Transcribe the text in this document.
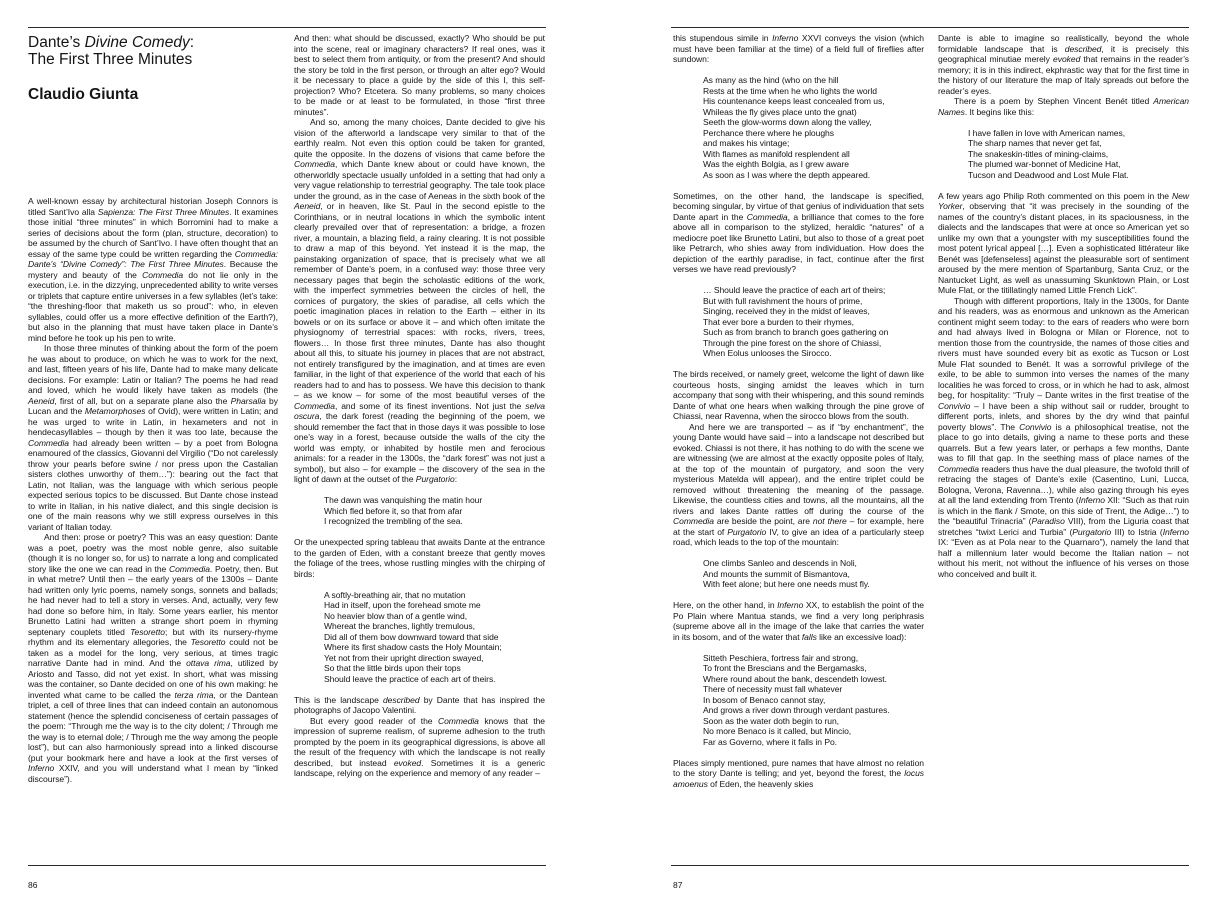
Dante’s Divine Comedy:
The First Three Minutes
Claudio Giunta

A well-known essay by architectural historian Joseph Connors is titled Sant’Ivo alla Sapienza: The First Three Minutes. It examines those initial “three minutes” in which Borromini had to make a series of decisions about the form (plan, structure, decoration) to be assumed by the church of Sant’Ivo. I have often thought that an essay of the same type could be written regarding the Commedia: Dante’s “Divine Comedy”: The First Three Minutes. Because the mystery and beauty of the Commedia do not lie only in the execution, i.e. in the dizzying, unprecedented ability to write verses or triplets that capture entire universes in a few syllables (let’s take: “the threshing-floor that maketh us so proud”: who, in eleven syllables, could offer us a more effective definition of the Earth?), but also in the planning that must have taken place in Dante’s mind before he took up his pen to write.

In those three minutes of thinking about the form of the poem he was about to produce, on which he was to work for the next, and last, fifteen years of his life, Dante had to make many delicate decisions. For example: Latin or Italian? The poems he had read and loved, which he would likely have taken as models (the Aeneid, first of all, but on a separate plane also the Pharsalia by Lucan and the Metamorphoses of Ovid), were written in Latin; and he was urged to write in Latin, in hexameters and not in hendecasyllables – though by then it was too late, because the Commedia had already been written – by a poet from Bologna enamoured of the classics, Giovanni del Virgilio (“Do not carelessly throw your pearls before swine / nor press upon the Castalian sisters clothes unworthy of them…”): bearing out the fact that Latin, not Italian, was the language with which serious people expected serious topics to be discussed. But Dante chose instead to write in Italian, in his native dialect, and this single decision is one of the main reasons why we still express ourselves in this variant of Italian today.

And then: prose or poetry? This was an easy question: Dante was a poet, poetry was the most noble genre, also suitable (though it is no longer so, for us) to narrate a long and complicated story like the one we can read in the Commedia. Poetry, then. But in what metre? Until then – the early years of the 1300s – Dante had written only lyric poems, namely songs, sonnets and ballads; he had never had to tell a story in verses. And, actually, very few had done so before him, in Italy. Some years earlier, his mentor Brunetto Latini had written a strange short poem in rhyming septenary couplets titled Tesoretto; but with its nursery-rhyme rhythm and its elementary allegories, the Tesoretto could not be taken as a model for the long, very serious, at times tragic narrative Dante had in mind. And the ottava rima, utilized by Ariosto and Tasso, did not yet exist. In short, what was missing was the container, so Dante decided on one of his own making: he invented what came to be called the terza rima, or the Dantean triplet, a cell of three lines that can indeed contain an autonomous statement (hence the splendid conciseness of certain passages of the poem: “Through me the way is to the city dolent; / Through me the way is to eternal dole; / Through me the way among the people lost”), but can also harmoniously spread into a linked discourse (put your bookmark here and have a look at the first verses of Inferno XXIV, and you will understand what I mean by “linked discourse”).

And then: what should be discussed, exactly? Who should be put into the scene, real or imaginary characters? If real ones, was it best to select them from antiquity, or from the present? And should the story be told in the first person, or through an alter ego? Would it be necessary to place a guide by the side of this I, this self-projection? Who? Etcetera. So many problems, so many choices to be made or at least to be formulated, in those “first three minutes”.

And so, among the many choices, Dante decided to give his vision of the afterworld a landscape very similar to that of the earthly realm. Not even this option could be taken for granted, quite the opposite. In the dozens of visions that came before the Commedia, which Dante knew about or could have known, the otherworldly spectacle usually unfolded in a setting that had only a very vague relationship to terrestrial geography. The tale took place under the ground, as in the case of Aeneas in the sixth book of the Aeneid, or in heaven, like St. Paul in the second epistle to the Corinthians, or in neutral locations in which the symbolic intent clearly prevailed over that of representation: a bridge, a frozen river, a mountain, a blazing field, a rainy clearing. It is not possible to draw a map of this beyond. Yet instead it is the map, the painstaking organization of space, that is precisely what we all remember of Dante’s poem, in a confused way: those three very necessary pages that begin the scholastic editions of the work, with the imperfect symmetries between the circles of hell, the cornices of purgatory, the skies of paradise, all cells which the poetic imagination places in relation to the Earth – either in its bowels or on its surface or above it – and which often imitate the physiognomy of terrestrial spaces: with rocks, rivers, trees, flowers… In those first three minutes, Dante has also thought about all this, to situate his journey in places that are not abstract, not entirely transfigured by the imagination, and at times are even familiar, in the light of that experience of the world that each of his readers had to and has to possess. We have this decision to thank – as we know – for some of the most beautiful verses of the Commedia, and some of its finest inventions. Not just the selva oscura, the dark forest (reading the beginning of the poem, we should remember the fact that in those days it was possible to lose one’s way in a forest, because outside the walls of the city the world was empty, or inhabited by hostile men and ferocious animals: for a reader in the 1300s, the “dark forest” was not just a symbol), but also – for example – the discovery of the sea in the light of dawn at the outset of the Purgatorio:

The dawn was vanquishing the matin hour
Which fled before it, so that from afar
I recognized the trembling of the sea.

Or the unexpected spring tableau that awaits Dante at the entrance to the garden of Eden, with a constant breeze that gently moves the foliage of the trees, whose rustling mingles with the chirping of birds:

A softly-breathing air, that no mutation
Had in itself, upon the forehead smote me
No heavier blow than of a gentle wind,
Whereat the branches, lightly tremulous,
Did all of them bow downward toward that side
Where its first shadow casts the Holy Mountain;
Yet not from their upright direction swayed,
So that the little birds upon their tops
Should leave the practice of each art of theirs.

This is the landscape described by Dante that has inspired the photographs of Jacopo Valentini.

But every good reader of the Commedia knows that the impression of supreme realism, of supreme adhesion to the truth prompted by the poem in its geographical digressions, is above all the result of the frequency with which the landscape is not really described, but instead evoked. Sometimes it is a generic landscape, relying on the experience and memory of any reader –

this stupendous simile in Inferno XXVI conveys the vision (which must have been familiar at the time) of a field full of fireflies after sundown:

As many as the hind (who on the hill
Rests at the time when he who lights the world
His countenance keeps least concealed from us,
Whileas the fly gives place unto the gnat)
Seeth the glow-worms down along the valley,
Perchance there where he ploughs
and makes his vintage;
With flames as manifold resplendent all
Was the eighth Bolgia, as I grew aware
As soon as I was where the depth appeared.

Sometimes, on the other hand, the landscape is specified, becoming singular, by virtue of that genius of individuation that sets Dante apart in the Commedia, a brilliance that comes to the fore above all in comparison to the stylized, heraldic “natures” of a mediocre poet like Brunetto Latini, but also to those of a great poet like Petrarch, who shies away from individuation. How does the depiction of the earthly paradise, in fact, continue after the first verses we have read previously?

… Should leave the practice of each art of theirs;
But with full ravishment the hours of prime,
Singing, received they in the midst of leaves,
That ever bore a burden to their rhymes,
Such as from branch to branch goes gathering on
Through the pine forest on the shore of Chiassi,
When Eolus unlooses the Sirocco.

The birds received, or namely greet, welcome the light of dawn like courteous hosts, singing amidst the leaves which in turn accompany that song with their whispering, and this sound reminds Dante of what one hears when walking through the pine grove of Chiassi, near Ravenna, when the sirocco blows from the south.

And here we are transported – as if “by enchantment”, the young Dante would have said – into a landscape not described but evoked. Chiassi is not there, it has nothing to do with the scene we are witnessing (we are almost at the exactly opposite poles of Italy, at the top of the mountain of purgatory, and soon the very mysterious Matelda will appear), and the entire triplet could be removed without threatening the meaning of the passage. Likewise, the countless cities and towns, all the mountains, all the rivers and lakes Dante rattles off during the course of the Commedia are beside the point, are not there – for example, here at the start of Purgatorio IV, to give an idea of a particularly steep road, which leads to the top of the mountain:

One climbs Sanleo and descends in Noli,
And mounts the summit of Bismantova,
With feet alone; but here one needs must fly.

Here, on the other hand, in Inferno XX, to establish the point of the Po Plain where Mantua stands, we find a very long periphrasis (supreme above all in the image of the lake that carries the water in its bosom, and of the water that falls like an excessive load):

Sitteth Peschiera, fortress fair and strong,
To front the Brescians and the Bergamasks,
Where round about the bank, descendeth lowest.
There of necessity must fall whatever
In bosom of Benaco cannot stay,
And grows a river down through verdant pastures.
Soon as the water doth begin to run,
No more Benaco is it called, but Mincio,
Far as Governo, where it falls in Po.

Places simply mentioned, pure names that have almost no relation to the story Dante is telling; and yet, beyond the forest, the locus amoenus of Eden, the heavenly skies

Dante is able to imagine so realistically, beyond the whole formidable landscape that is described, it is precisely this geographical minutiae merely evoked that remains in the reader’s memory; it is in this indirect, ekphrastic way that for the first time in the history of our literature the map of Italy spreads out before the reader’s eyes.

There is a poem by Stephen Vincent Benét titled American Names. It begins like this:

I have fallen in love with American names,
The sharp names that never get fat,
The snakeskin-titles of mining-claims,
The plumed war-bonnet of Medicine Hat,
Tucson and Deadwood and Lost Mule Flat.

A few years ago Philip Roth commented on this poem in the New Yorker, observing that “it was precisely in the sounding of the names of the country’s distant places, in its spaciousness, in the dialects and the landscapes that were at once so American yet so unlike my own that a youngster with my susceptibilities found the most potent lyrical appeal […]. Even a sophisticated littérateur like Benét was [defenseless] against the pleasurable sort of sentiment aroused by the mere mention of Spartanburg, Santa Cruz, or the Nantucket Light, as well as unassuming Skunktown Plain, or Lost Mule Flat, or the titillatingly named Little French Lick”.

Though with different proportions, Italy in the 1300s, for Dante and his readers, was as enormous and unknown as the American continent might seem today: to the ears of readers who were born and had always lived in Bologna or Milan or Florence, not to mention those from the countryside, the names of those cities and rivers must have sounded every bit as exotic as Tucson or Lost Mule Flat sounded to Benét. It was a sorrowful privilege of the exile, to be able to summon into verses the names of the many localities he was forced to cross, or in which he had to ask, almost beg, for hospitality: “Truly – Dante writes in the first treatise of the Convivio – I have been a ship without sail or rudder, brought to different ports, inlets, and shores by the dry wind that painful poverty blows”. The Convivio is a philosophical treatise, not the place to go into details, giving a name to these ports and these quarrels. But a few years later, or perhaps a few months, Dante was to fill that gap. In the seething mass of place names of the Commedia readers thus have the dual pleasure, the twofold thrill of retracing the stages of Dante’s exile (Casentino, Luni, Lucca, Bologna, Verona, Ravenna…), while also gazing through his eyes at all the land extending from Trento (Inferno XII: “Such as that ruin is which in the flank / Smote, on this side of Trent, the Adige…”) to the “beautiful Trinacria” (Paradiso VIII), from the Liguria coast that stretches “twixt Lerici and Turbia” (Purgatorio III) to Istria (Inferno IX: “Even as at Pola near to the Quarnaro”), namely the land that half a millennium later would become the Italian nation – not without his merit, not without the influence of his verses on those who conceived and built it.

86	87
